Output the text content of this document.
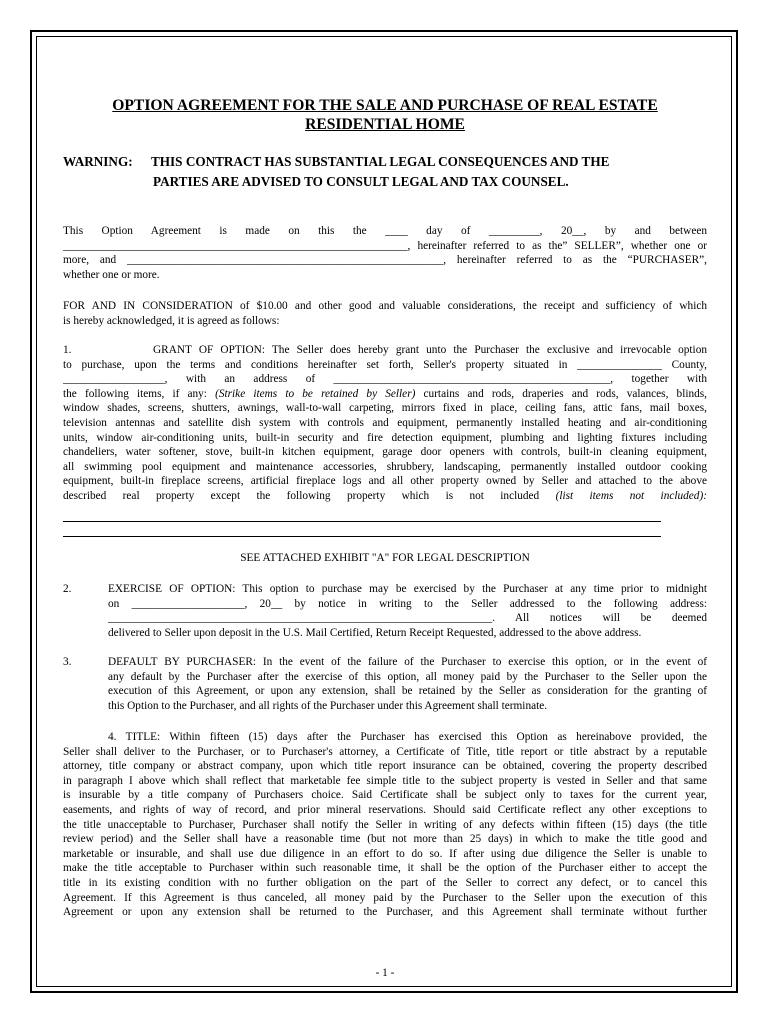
OPTION AGREEMENT FOR THE SALE AND PURCHASE OF REAL ESTATE
RESIDENTIAL HOME
WARNING: THIS CONTRACT HAS SUBSTANTIAL LEGAL CONSEQUENCES AND THE
PARTIES ARE ADVISED TO CONSULT LEGAL AND TAX COUNSEL.
This Option Agreement is made on this the ____ day of _________, 20__, by and between
_____________________________________________________________, hereinafter referred to as the” SELLER”, whether one or
more, and ________________________________________________________, hereinafter referred to as the “PURCHASER”,
whether one or more.
FOR AND IN CONSIDERATION of $10.00 and other good and valuable considerations, the receipt and sufficiency of which
is hereby acknowledged, it is agreed as follows:
1.	GRANT OF OPTION: The Seller does hereby grant unto the Purchaser the exclusive and irrevocable option
to purchase, upon the terms and conditions hereinafter set forth, Seller's property situated in _______________ County,
__________________, with an address of _________________________________________________, together with
the following items, if any: (Strike items to be retained by Seller) curtains and rods, draperies and rods, valances, blinds,
window shades, screens, shutters, awnings, wall-to-wall carpeting, mirrors fixed in place, ceiling fans, attic fans, mail boxes,
television antennas and satellite dish system with controls and equipment, permanently installed heating and air-conditioning
units, window air-conditioning units, built-in security and fire detection equipment, plumbing and lighting fixtures including
chandeliers, water softener, stove, built-in kitchen equipment, garage door openers with controls, built-in cleaning equipment,
all swimming pool equipment and maintenance accessories, shrubbery, landscaping, permanently installed outdoor cooking
equipment, built-in fireplace screens, artificial fireplace logs and all other property owned by Seller and attached to the above
described real property except the following property which is not included (list items not included):
SEE ATTACHED EXHIBIT "A" FOR LEGAL DESCRIPTION
2.	EXERCISE OF OPTION: This option to purchase may be exercised by the Purchaser at any time prior to midnight
on ____________________, 20__ by notice in writing to the Seller addressed to the following address:
____________________________________________________________________. All notices will be deemed
delivered to Seller upon deposit in the U.S. Mail Certified, Return Receipt Requested, addressed to the above address.
3.	DEFAULT BY PURCHASER: In the event of the failure of the Purchaser to exercise this option, or in the event of
any default by the Purchaser after the exercise of this option, all money paid by the Purchaser to the Seller upon the
execution of this Agreement, or upon any extension, shall be retained by the Seller as consideration for the granting of
this Option to the Purchaser, and all rights of the Purchaser under this Agreement shall terminate.
4. TITLE: Within fifteen (15) days after the Purchaser has exercised this Option as hereinabove provided, the
Seller shall deliver to the Purchaser, or to Purchaser's attorney, a Certificate of Title, title report or title abstract by a reputable
attorney, title company or abstract company, upon which title report insurance can be obtained, covering the property described
in paragraph I above which shall reflect that marketable fee simple title to the subject property is vested in Seller and that same
is insurable by a title company of Purchasers choice. Said Certificate shall be subject only to taxes for the current year,
easements, and rights of way of record, and prior mineral reservations. Should said Certificate reflect any other exceptions to
the title unacceptable to Purchaser, Purchaser shall notify the Seller in writing of any defects within fifteen (15) days (the title
review period) and the Seller shall have a reasonable time (but not more than 25 days) in which to make the title good and
marketable or insurable, and shall use due diligence in an effort to do so. If after using due diligence the Seller is unable to
make the title acceptable to Purchaser within such reasonable time, it shall be the option of the Purchaser either to accept the
title in its existing condition with no further obligation on the part of the Seller to correct any defect, or to cancel this
Agreement. If this Agreement is thus canceled, all money paid by the Purchaser to the Seller upon the execution of this
Agreement or upon any extension shall be returned to the Purchaser, and this Agreement shall terminate without further
- 1 -
